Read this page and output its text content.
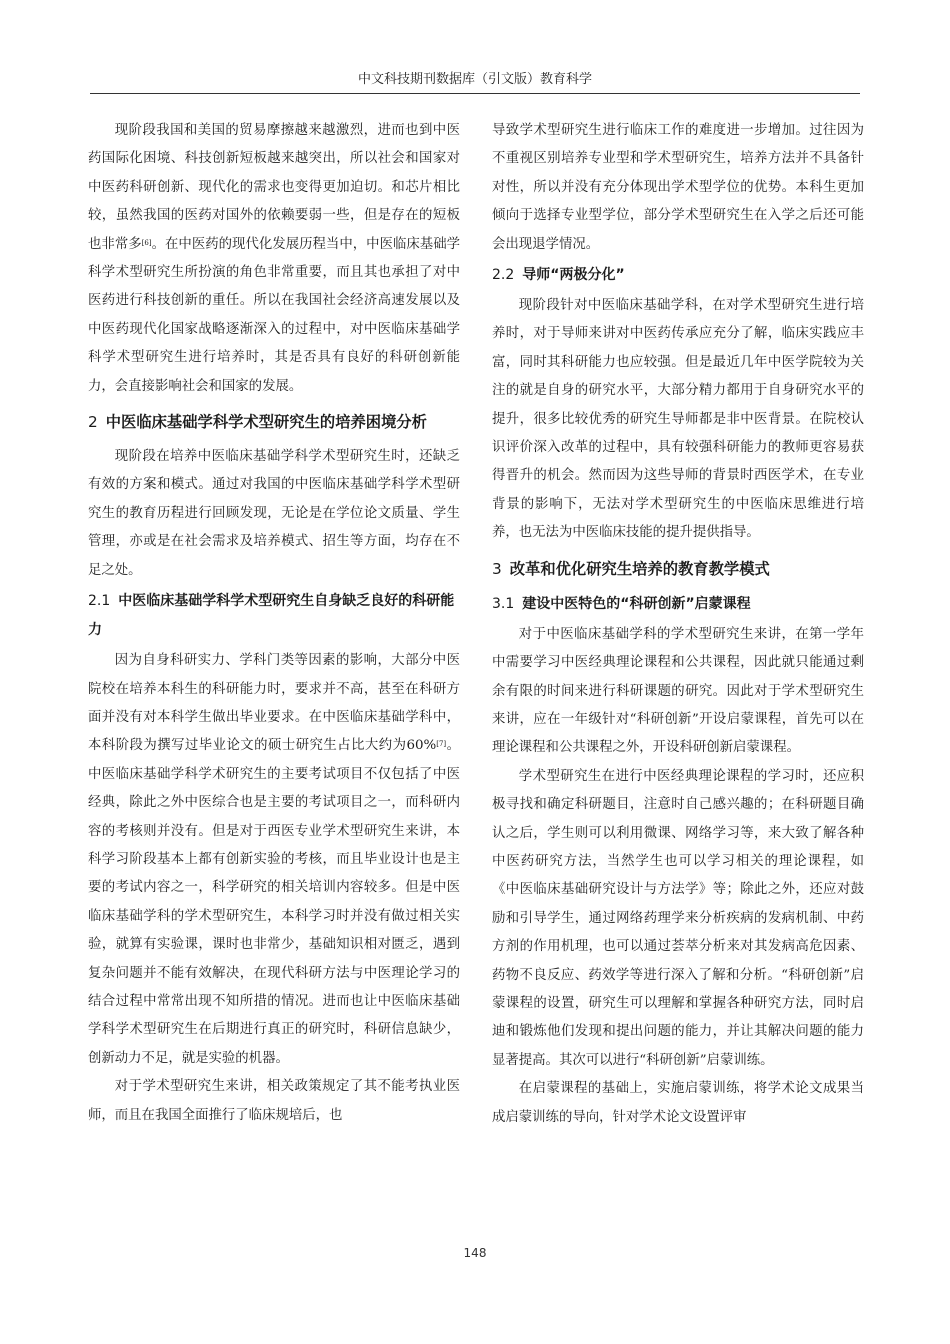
中文科技期刊数据库（引文版）教育科学

现阶段我国和美国的贸易摩擦越来越激烈，进而也到中医药国际化困境、科技创新短板越来越突出，所以社会和国家对中医药科研创新、现代化的需求也变得更加迫切。和芯片相比较，虽然我国的医药对国外的依赖要弱一些，但是存在的短板也非常多[6]。在中医药的现代化发展历程当中，中医临床基础学科学术型研究生所扮演的角色非常重要，而且其也承担了对中医药进行科技创新的重任。所以在我国社会经济高速发展以及中医药现代化国家战略逐渐深入的过程中，对中医临床基础学科学术型研究生进行培养时，其是否具有良好的科研创新能力，会直接影响社会和国家的发展。

2 中医临床基础学科学术型研究生的培养困境分析

现阶段在培养中医临床基础学科学术型研究生时，还缺乏有效的方案和模式。通过对我国的中医临床基础学科学术型研究生的教育历程进行回顾发现，无论是在学位论文质量、学生管理，亦或是在社会需求及培养模式、招生等方面，均存在不足之处。

2.1 中医临床基础学科学术型研究生自身缺乏良好的科研能力

因为自身科研实力、学科门类等因素的影响，大部分中医院校在培养本科生的科研能力时，要求并不高，甚至在科研方面并没有对本科学生做出毕业要求。在中医临床基础学科中，本科阶段为撰写过毕业论文的硕士研究生占比大约为60%[7]。中医临床基础学科学术研究生的主要考试项目不仅包括了中医经典，除此之外中医综合也是主要的考试项目之一，而科研内容的考核则并没有。但是对于西医专业学术型研究生来讲，本科学习阶段基本上都有创新实验的考核，而且毕业设计也是主要的考试内容之一，科学研究的相关培训内容较多。但是中医临床基础学科的学术型研究生，本科学习时并没有做过相关实验，就算有实验课，课时也非常少，基础知识相对匮乏，遇到复杂问题并不能有效解决，在现代科研方法与中医理论学习的结合过程中常常出现不知所措的情况。进而也让中医临床基础学科学术型研究生在后期进行真正的研究时，科研信息缺少，创新动力不足，就是实验的机器。

对于学术型研究生来讲，相关政策规定了其不能考执业医师，而且在我国全面推行了临床规培后，也

导致学术型研究生进行临床工作的难度进一步增加。过往因为不重视区别培养专业型和学术型研究生，培养方法并不具备针对性，所以并没有充分体现出学术型学位的优势。本科生更加倾向于选择专业型学位，部分学术型研究生在入学之后还可能会出现退学情况。

2.2 导师“两极分化”

现阶段针对中医临床基础学科，在对学术型研究生进行培养时，对于导师来讲对中医药传承应充分了解，临床实践应丰富，同时其科研能力也应较强。但是最近几年中医学院较为关注的就是自身的研究水平，大部分精力都用于自身研究水平的提升，很多比较优秀的研究生导师都是非中医背景。在院校认识评价深入改革的过程中，具有较强科研能力的教师更容易获得晋升的机会。然而因为这些导师的背景时西医学术，在专业背景的影响下，无法对学术型研究生的中医临床思维进行培养，也无法为中医临床技能的提升提供指导。

3 改革和优化研究生培养的教育教学模式
3.1 建设中医特色的“科研创新”启蒙课程

对于中医临床基础学科的学术型研究生来讲，在第一学年中需要学习中医经典理论课程和公共课程，因此就只能通过剩余有限的时间来进行科研课题的研究。因此对于学术型研究生来讲，应在一年级针对“科研创新”开设启蒙课程，首先可以在理论课程和公共课程之外，开设科研创新启蒙课程。

学术型研究生在进行中医经典理论课程的学习时，还应积极寻找和确定科研题目，注意时自己感兴趣的；在科研题目确认之后，学生则可以利用微课、网络学习等，来大致了解各种中医药研究方法，当然学生也可以学习相关的理论课程，如《中医临床基础研究设计与方法学》等；除此之外，还应对鼓励和引导学生，通过网络药理学来分析疾病的发病机制、中药方剂的作用机理，也可以通过荟萃分析来对其发病高危因素、药物不良反应、药效学等进行深入了解和分析。“科研创新”启蒙课程的设置，研究生可以理解和掌握各种研究方法，同时启迪和锻炼他们发现和提出问题的能力，并让其解决问题的能力显著提高。其次可以进行“科研创新”启蒙训练。

在启蒙课程的基础上，实施启蒙训练，将学术论文成果当成启蒙训练的导向，针对学术论文设置评审

148
